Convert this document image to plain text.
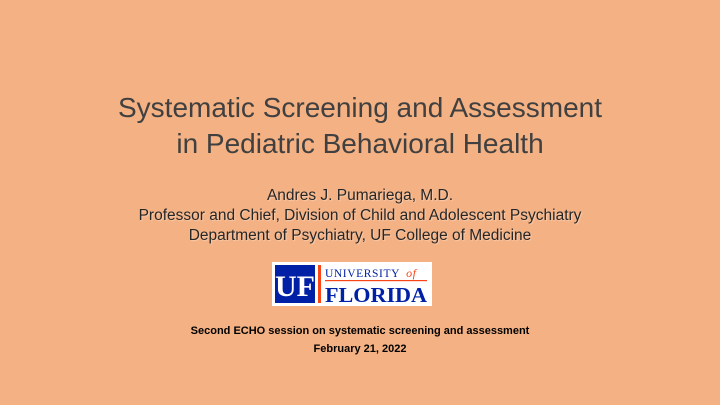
Systematic Screening and Assessment
in Pediatric Behavioral Health
Andres J. Pumariega, M.D.
Professor and Chief, Division of Child and Adolescent Psychiatry
Department of Psychiatry, UF College of Medicine
UF UNIVERSITY of
FLORIDA
Second ECHO session on systematic screening and assessment
February 21, 2022
